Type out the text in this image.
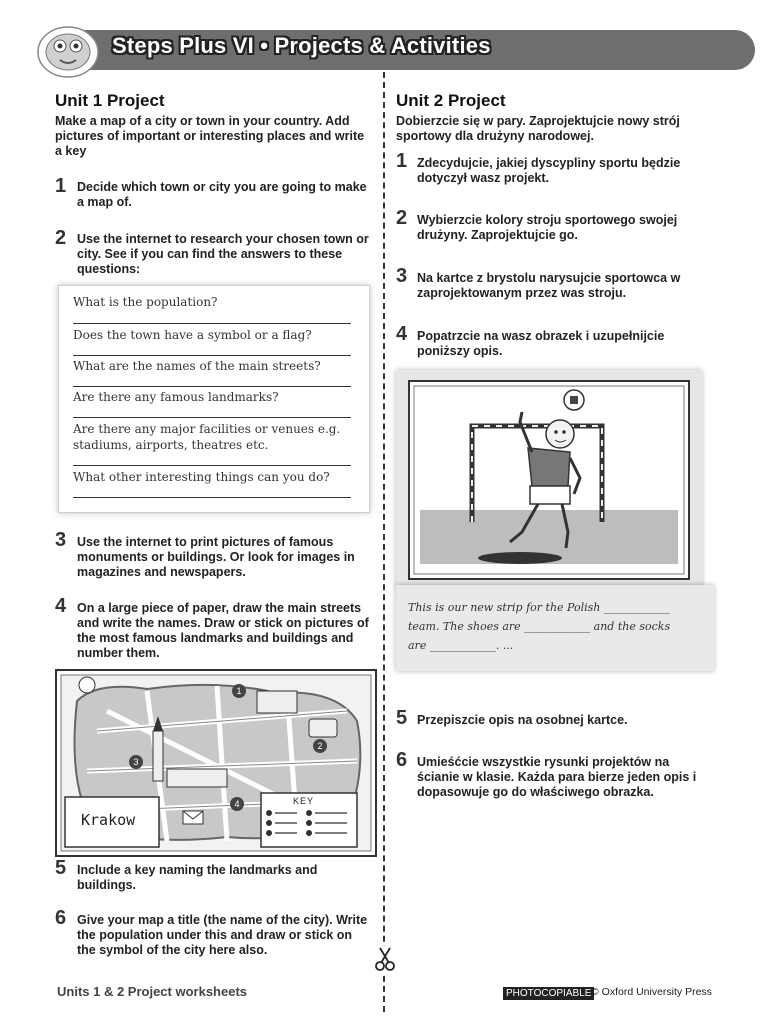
Steps Plus VI • Projects & Activities
Unit 1 Project
Make a map of a city or town in your country. Add pictures of important or interesting places and write a key
1 Decide which town or city you are going to make a map of.
2 Use the internet to research your chosen town or city. See if you can find the answers to these questions:
What is the population?
Does the town have a symbol or a flag?
What are the names of the main streets?
Are there any famous landmarks?
Are there any major facilities or venues e.g. stadiums, airports, theatres etc.
What other interesting things can you do?
3 Use the internet to print pictures of famous monuments or buildings. Or look for images in magazines and newspapers.
4 On a large piece of paper, draw the main streets and write the names. Draw or stick on pictures of the most famous landmarks and buildings and number them.
Krakow
KEY
1
2
3
4
5 Include a key naming the landmarks and buildings.
6 Give your map a title (the name of the city). Write the population under this and draw or stick on the symbol of the city here also.
Unit 2 Project
Dobierzcie się w pary. Zaprojektujcie nowy strój sportowy dla drużyny narodowej.
1 Zdecydujcie, jakiej dyscypliny sportu będzie dotyczył wasz projekt.
2 Wybierzcie kolory stroju sportowego swojej drużyny. Zaprojektujcie go.
3 Na kartce z brystolu narysujcie sportowca w zaprojektowanym przez was stroju.
4 Popatrzcie na wasz obrazek i uzupełnijcie poniższy opis.
This is our new strip for the Polish ____________
team. The shoes are ____________ and the socks
are ____________. ...
5 Przepiszcie opis na osobnej kartce.
6 Umieśćcie wszystkie rysunki projektów na ścianie w klasie. Każda para bierze jeden opis i dopasowuje go do właściwego obrazka.
Units 1 & 2 Project worksheets	PHOTOCOPIABLE © Oxford University Press
